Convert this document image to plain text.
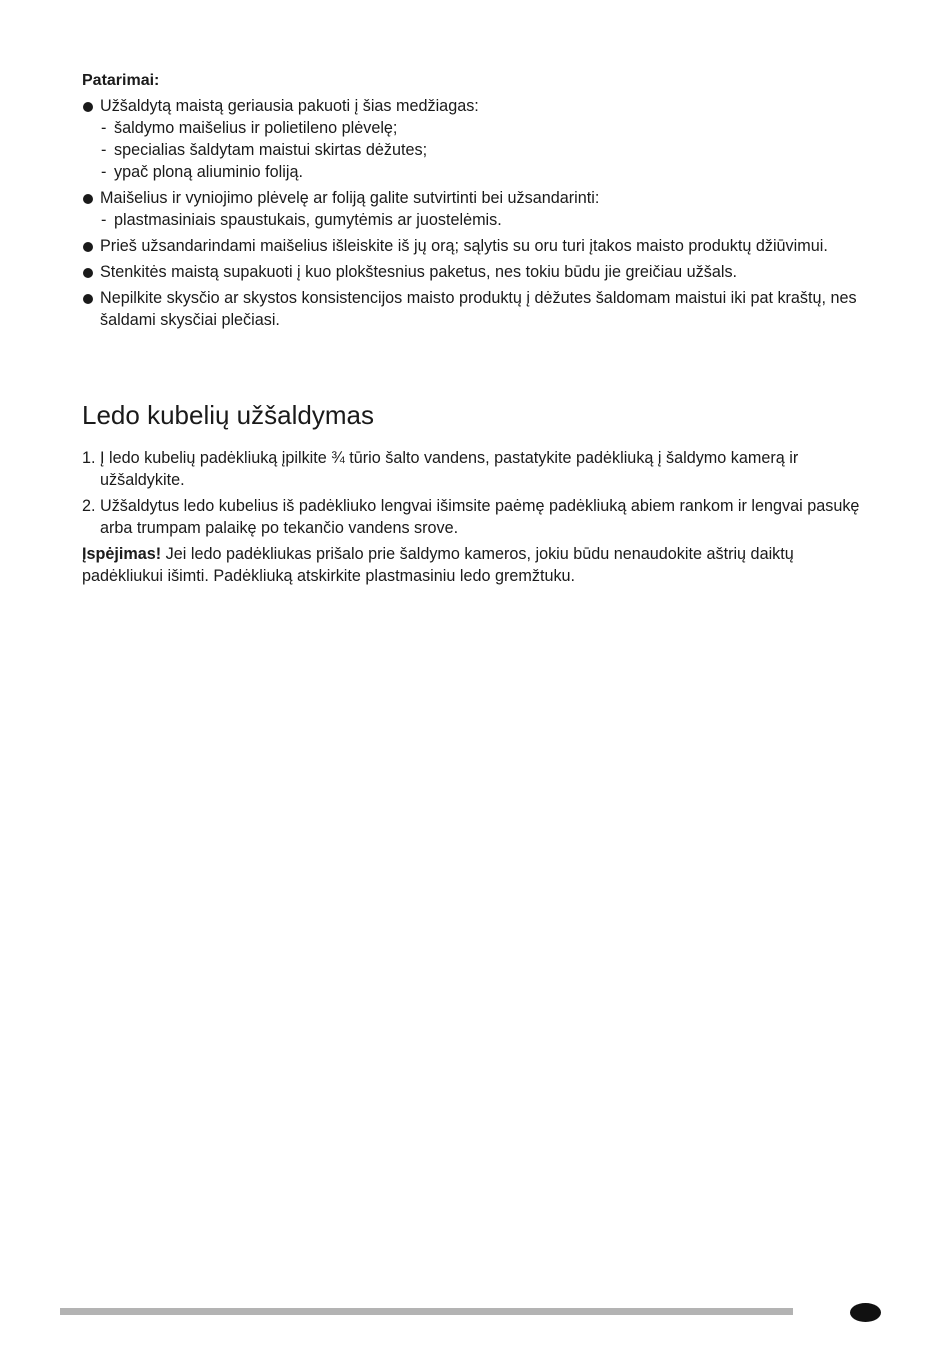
Patarimai:
Užšaldytą maistą geriausia pakuoti į šias medžiagas:
- šaldymo maišelius ir polietileno plėvelę;
- specialias šaldytam maistui skirtas dėžutes;
- ypač ploną aliuminio foliją.
Maišelius ir vyniojimo plėvelę ar foliją galite sutvirtinti bei užsandarinti:
- plastmasiniais spaustukais, gumytėmis ar juostelėmis.
Prieš užsandarindami maišelius išleiskite iš jų orą; sąlytis su oru turi įtakos maisto produktų džiūvimui.
Stenkitės maistą supakuoti į kuo plokštesnius paketus, nes tokiu būdu jie greičiau užšals.
Nepilkite skysčio ar skystos konsistencijos maisto produktų į dėžutes šaldomam maistui iki pat kraštų, nes šaldami skysčiai plečiasi.
Ledo kubelių užšaldymas
1. Į ledo kubelių padėkliuką įpilkite ¾ tūrio šalto vandens, pastatykite padėkliuką į šaldymo kamerą ir užšaldykite.
2. Užšaldytus ledo kubelius iš padėkliuko lengvai išimsite paėmę padėkliuką abiem rankom ir lengvai pasukę arba trumpam palaikę po tekančio vandens srove.

Įspėjimas! Jei ledo padėkliukas prišalo prie šaldymo kameros, jokiu būdu nenaudokite aštrių daiktų padėkliukui išimti. Padėkliuką atskirkite plastmasiniu ledo gremžtuku.
